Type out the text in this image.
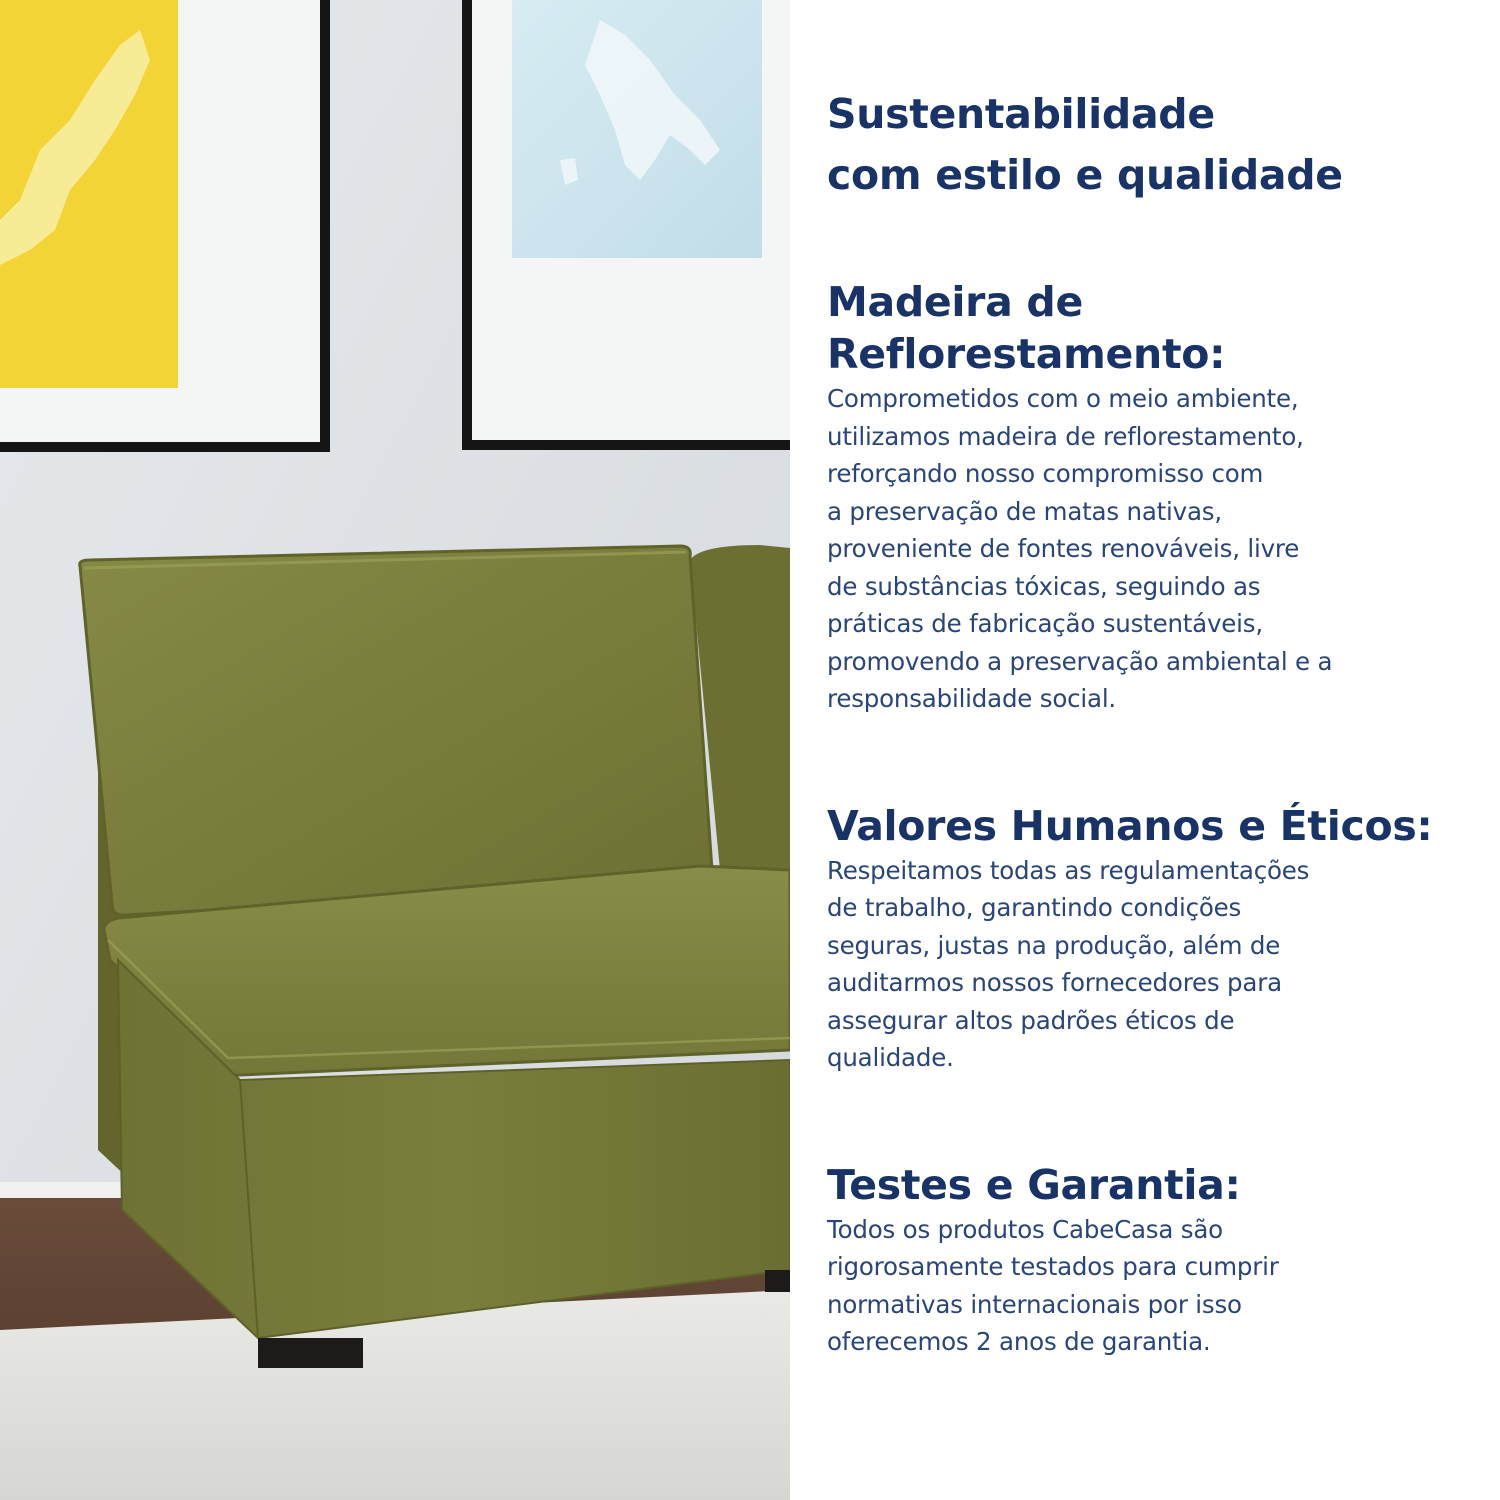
Sustentabilidade
com estilo e qualidade
Madeira de
Reflorestamento:

Comprometidos com o meio ambiente,
utilizamos madeira de reflorestamento,
reforçando nosso compromisso com
a preservação de matas nativas,
proveniente de fontes renováveis, livre
de substâncias tóxicas, seguindo as
práticas de fabricação sustentáveis,
promovendo a preservação ambiental e a
responsabilidade social.

Valores Humanos e Éticos:

Respeitamos todas as regulamentações
de trabalho, garantindo condições
seguras, justas na produção, além de
auditarmos nossos fornecedores para
assegurar altos padrões éticos de
qualidade.

Testes e Garantia:

Todos os produtos CabeCasa são
rigorosamente testados para cumprir
normativas internacionais por isso
oferecemos 2 anos de garantia.
